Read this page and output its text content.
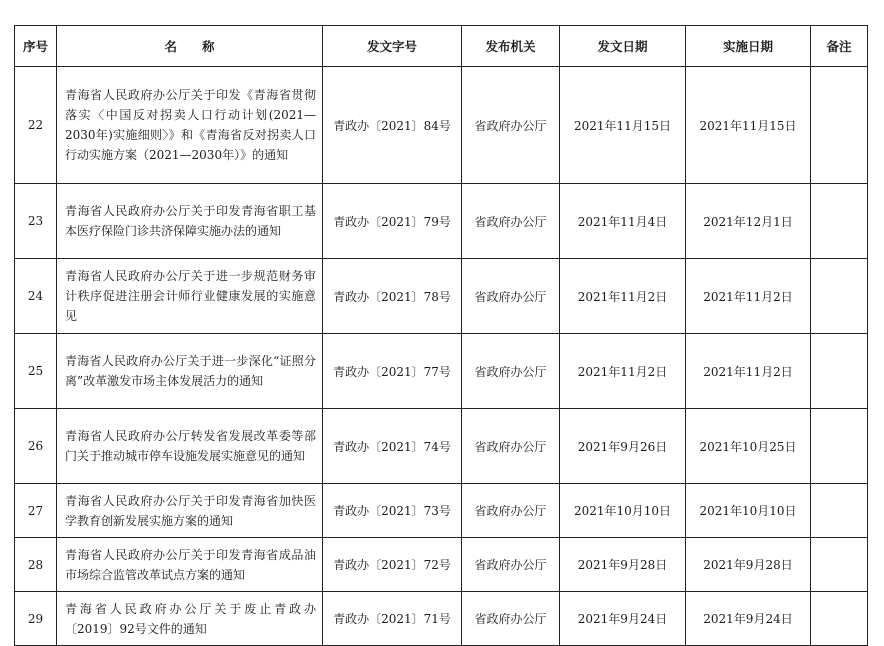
序号	名　　称	发文字号	发布机关	发文日期	实施日期	备注
22	青海省人民政府办公厅关于印发《青海省贯彻落实〈中国反对拐卖人口行动计划(2021—2030年)实施细则〉》和《青海省反对拐卖人口行动实施方案（2021—2030年）》的通知	青政办〔2021〕84号	省政府办公厅	2021年11月15日	2021年11月15日	
23	青海省人民政府办公厅关于印发青海省职工基本医疗保险门诊共济保障实施办法的通知	青政办〔2021〕79号	省政府办公厅	2021年11月4日	2021年12月1日	
24	青海省人民政府办公厅关于进一步规范财务审计秩序促进注册会计师行业健康发展的实施意见	青政办〔2021〕78号	省政府办公厅	2021年11月2日	2021年11月2日	
25	青海省人民政府办公厅关于进一步深化“证照分离”改革激发市场主体发展活力的通知	青政办〔2021〕77号	省政府办公厅	2021年11月2日	2021年11月2日	
26	青海省人民政府办公厅转发省发展改革委等部门关于推动城市停车设施发展实施意见的通知	青政办〔2021〕74号	省政府办公厅	2021年9月26日	2021年10月25日	
27	青海省人民政府办公厅关于印发青海省加快医学教育创新发展实施方案的通知	青政办〔2021〕73号	省政府办公厅	2021年10月10日	2021年10月10日	
28	青海省人民政府办公厅关于印发青海省成品油市场综合监管改革试点方案的通知	青政办〔2021〕72号	省政府办公厅	2021年9月28日	2021年9月28日	
29	青海省人民政府办公厅关于废止青政办〔2019〕92号文件的通知	青政办〔2021〕71号	省政府办公厅	2021年9月24日	2021年9月24日	
